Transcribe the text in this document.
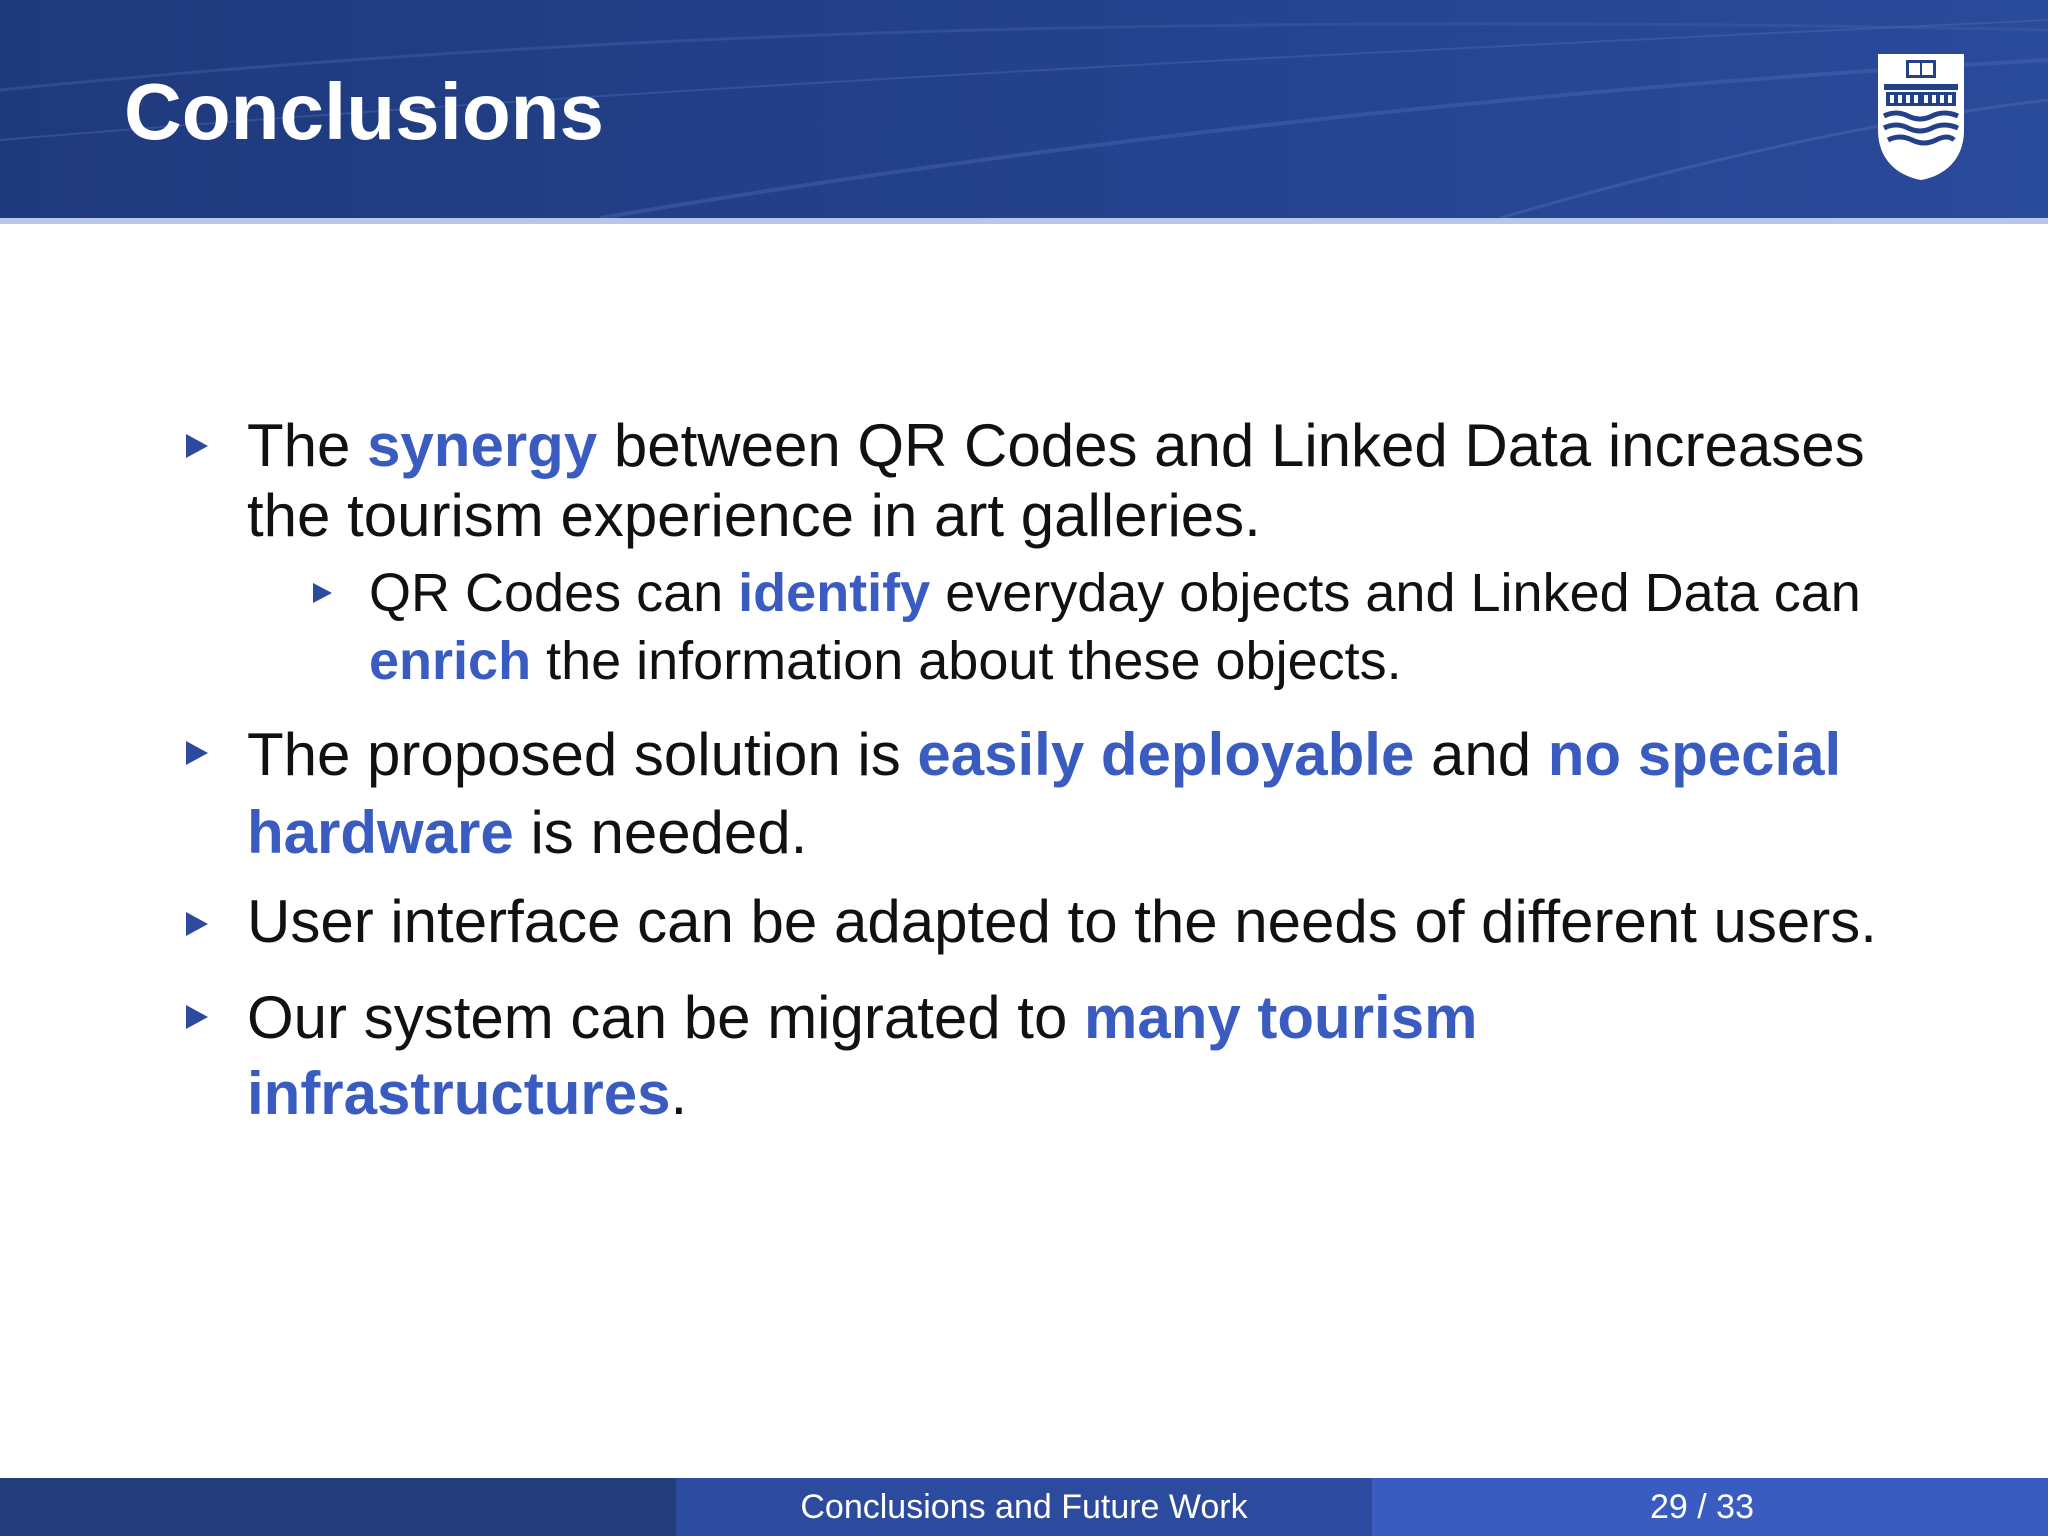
Conclusions
The synergy between QR Codes and Linked Data increases the tourism experience in art galleries.
QR Codes can identify everyday objects and Linked Data can enrich the information about these objects.
The proposed solution is easily deployable and no special hardware is needed.
User interface can be adapted to the needs of different users.
Our system can be migrated to many tourism infrastructures.
Conclusions and Future Work	29 / 33
